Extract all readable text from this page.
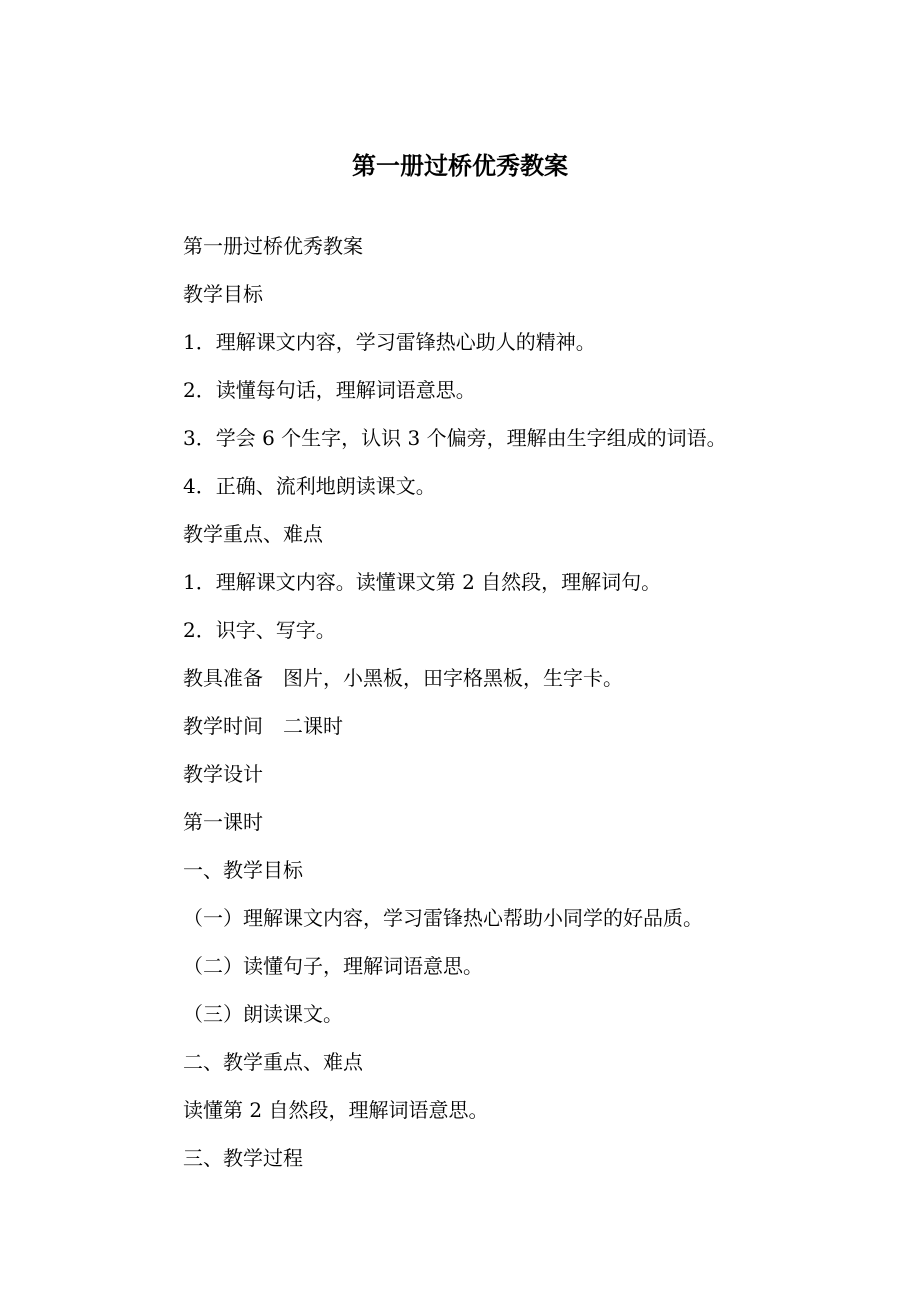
第一册过桥优秀教案
第一册过桥优秀教案
教学目标
1．理解课文内容，学习雷锋热心助人的精神。
2．读懂每句话，理解词语意思。
3．学会 6 个生字，认识 3 个偏旁，理解由生字组成的词语。
4．正确、流利地朗读课文。
教学重点、难点
1．理解课文内容。读懂课文第 2 自然段，理解词句。
2．识字、写字。
教具准备　图片，小黑板，田字格黑板，生字卡。
教学时间　二课时
教学设计
第一课时
一、教学目标
（一）理解课文内容，学习雷锋热心帮助小同学的好品质。
（二）读懂句子，理解词语意思。
（三）朗读课文。
二、教学重点、难点
读懂第 2 自然段，理解词语意思。
三、教学过程
